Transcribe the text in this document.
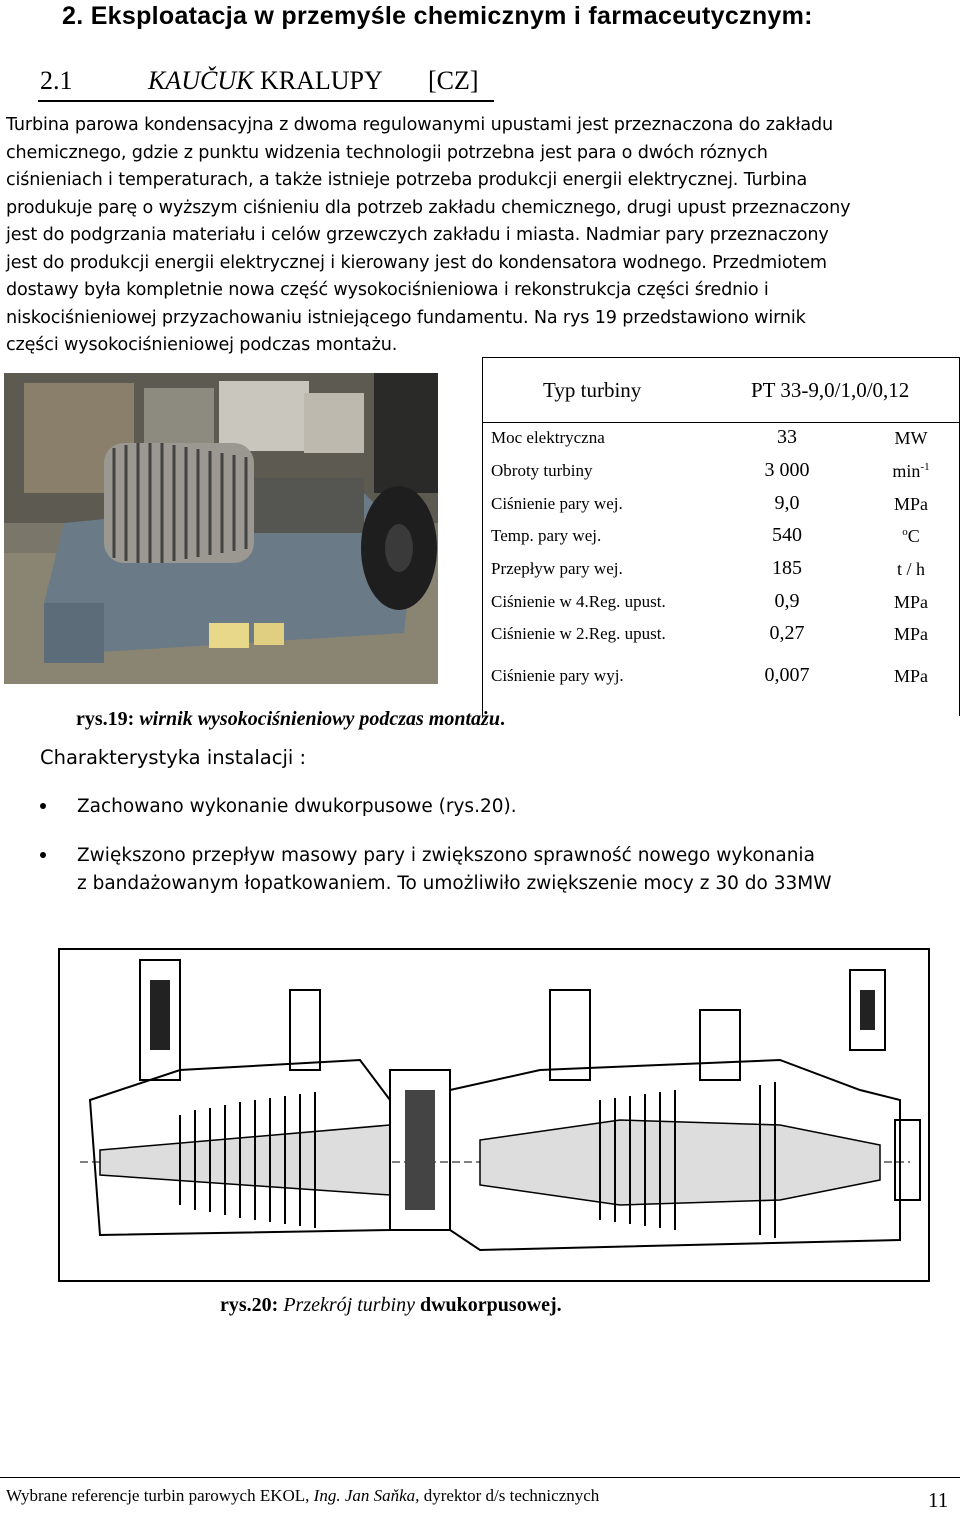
2. Eksploatacja w przemyśle chemicznym i farmaceutycznym:
2.1	KAUČUK KRALUPY [CZ]
Turbina parowa kondensacyjna z dwoma regulowanymi upustami jest przeznaczona do zakładu
chemicznego, gdzie z punktu widzenia technologii potrzebna jest para o dwóch róznych
ciśnieniach i temperaturach, a także istnieje potrzeba produkcji energii elektrycznej. Turbina
produkuje parę o wyższym ciśnieniu dla potrzeb zakładu chemicznego, drugi upust przeznaczony
jest do podgrzania materiału i celów grzewczych zakładu i miasta. Nadmiar pary przeznaczony
jest do produkcji energii elektrycznej i kierowany jest do kondensatora wodnego. Przedmiotem
dostawy była kompletnie nowa część wysokociśnieniowa i rekonstrukcja części średnio i
niskociśnieniowej przyzachowaniu istniejącego fundamentu. Na rys 19 przedstawiono wirnik
części wysokociśnieniowej podczas montażu.
Typ turbiny	PT 33-9,0/1,0/0,12
Moc elektryczna	33	MW
Obroty turbiny	3 000	$\min^{-1}$
Ciśnienie pary wej.	9,0	MPa
Temp. pary wej.	540	$^o$C
Przepływ pary wej.	185	t / h
Ciśnienie w 4.Reg. upust.	0,9	MPa
Ciśnienie w 2.Reg. upust.	0,27	MPa
Ciśnienie pary wyj.	0,007	MPa
rys.19: wirnik wysokociśnieniowy podczas montażu.
Charakterystyka instalacji :
Zachowano wykonanie dwukorpusowe (rys.20).
Zwiększono przepływ masowy pary i zwiększono sprawność nowego wykonania
z bandażowanym łopatkowaniem. To umożliwiło zwiększenie mocy z 30 do 33MW
rys.20: Przekrój turbiny dwukorpusowej.
Wybrane referencje turbin parowych EKOL, Ing. Jan Saňka, dyrektor d/s technicznych	11
